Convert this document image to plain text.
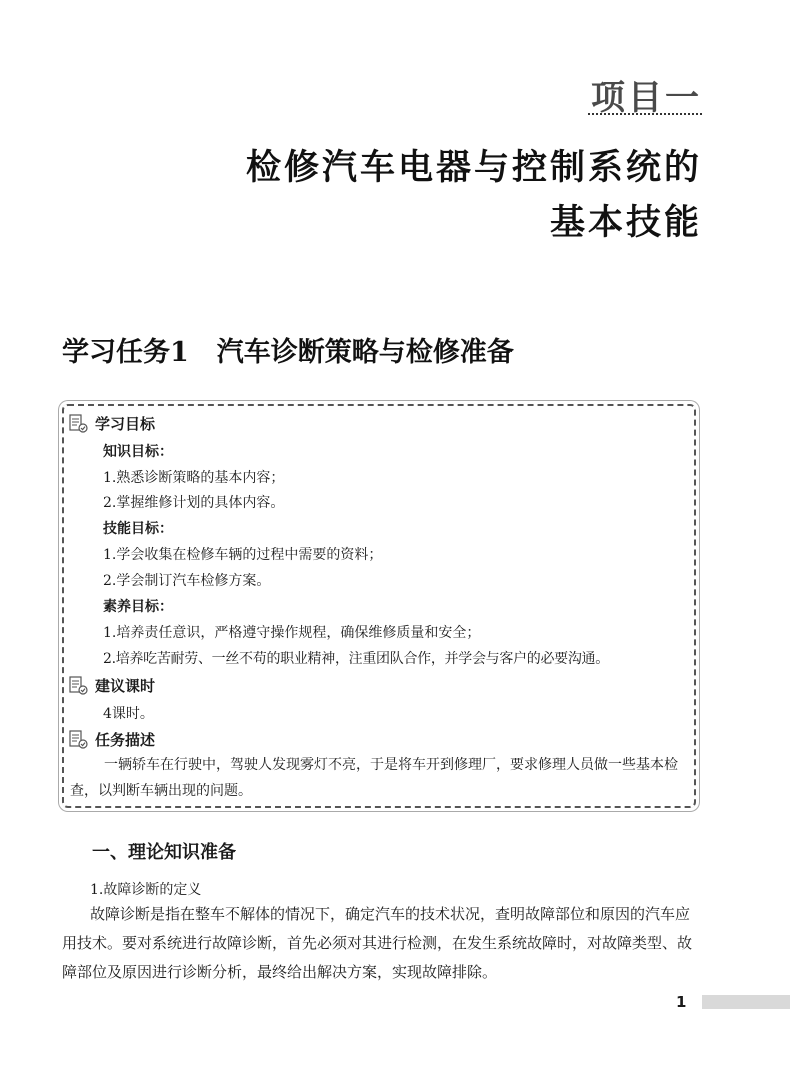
项目一
检修汽车电器与控制系统的
基本技能
学习任务1 汽车诊断策略与检修准备
学习目标
知识目标：
1.熟悉诊断策略的基本内容；
2.掌握维修计划的具体内容。
技能目标：
1.学会收集在检修车辆的过程中需要的资料；
2.学会制订汽车检修方案。
素养目标：
1.培养责任意识，严格遵守操作规程，确保维修质量和安全；
2.培养吃苦耐劳、一丝不苟的职业精神，注重团队合作，并学会与客户的必要沟通。
建议课时
4课时。
任务描述
一辆轿车在行驶中，驾驶人发现雾灯不亮，于是将车开到修理厂，要求修理人员做一些基本检查，以判断车辆出现的问题。
一、理论知识准备
1.故障诊断的定义
故障诊断是指在整车不解体的情况下，确定汽车的技术状况，查明故障部位和原因的汽车应用技术。要对系统进行故障诊断，首先必须对其进行检测，在发生系统故障时，对故障类型、故障部位及原因进行诊断分析，最终给出解决方案，实现故障排除。
1
